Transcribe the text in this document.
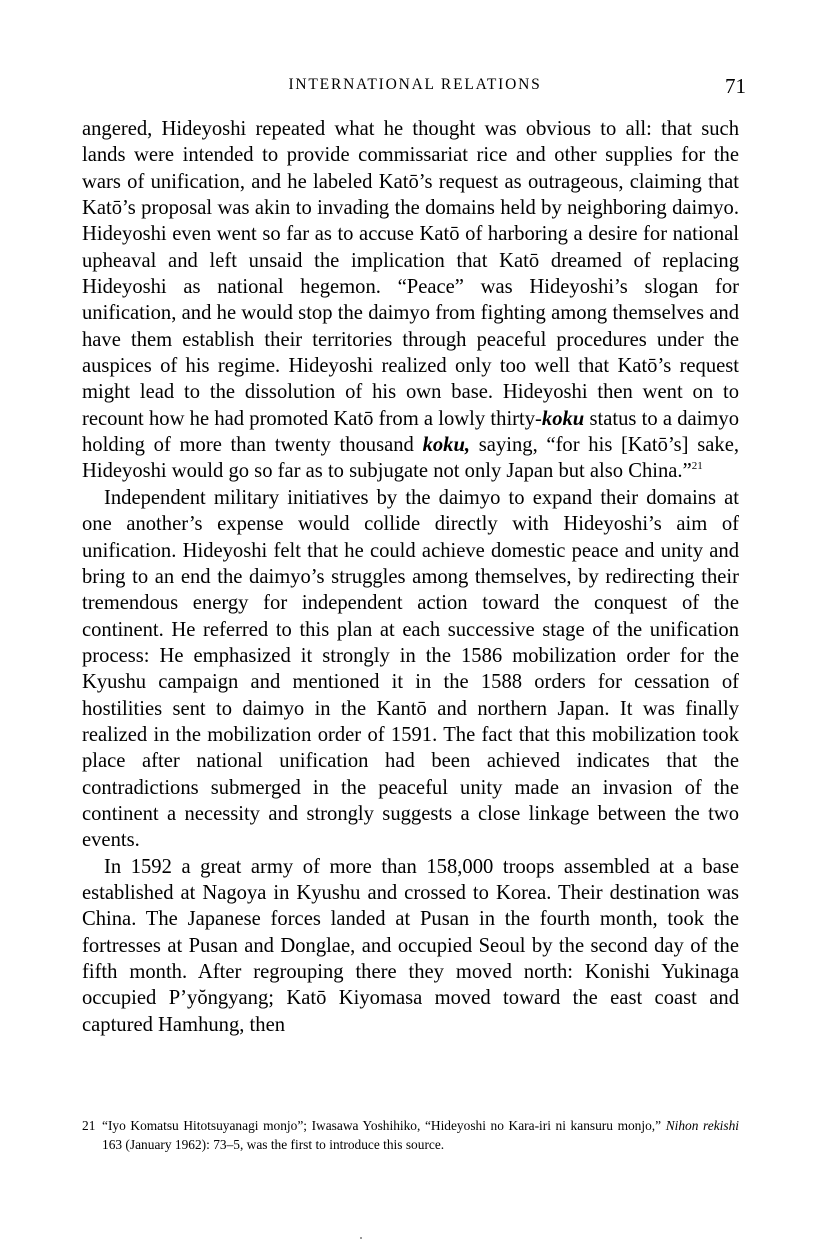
INTERNATIONAL RELATIONS	71

angered, Hideyoshi repeated what he thought was obvious to all: that such lands were intended to provide commissariat rice and other supplies for the wars of unification, and he labeled Katō’s request as outrageous, claiming that Katō’s proposal was akin to invading the domains held by neighboring daimyo. Hideyoshi even went so far as to accuse Katō of harboring a desire for national upheaval and left unsaid the implication that Katō dreamed of replacing Hideyoshi as national hegemon. “Peace” was Hideyoshi’s slogan for unification, and he would stop the daimyo from fighting among themselves and have them establish their territories through peaceful procedures under the auspices of his regime. Hideyoshi realized only too well that Katō’s request might lead to the dissolution of his own base. Hideyoshi then went on to recount how he had promoted Katō from a lowly thirty-koku status to a daimyo holding of more than twenty thousand koku, saying, “for his [Katō’s] sake, Hideyoshi would go so far as to subjugate not only Japan but also China.”$^{21}$

Independent military initiatives by the daimyo to expand their domains at one another’s expense would collide directly with Hideyoshi’s aim of unification. Hideyoshi felt that he could achieve domestic peace and unity and bring to an end the daimyo’s struggles among themselves, by redirecting their tremendous energy for independent action toward the conquest of the continent. He referred to this plan at each successive stage of the unification process: He emphasized it strongly in the 1586 mobilization order for the Kyushu campaign and mentioned it in the 1588 orders for cessation of hostilities sent to daimyo in the Kantō and northern Japan. It was finally realized in the mobilization order of 1591. The fact that this mobilization took place after national unification had been achieved indicates that the contradictions submerged in the peaceful unity made an invasion of the continent a necessity and strongly suggests a close linkage between the two events.

In 1592 a great army of more than 158,000 troops assembled at a base established at Nagoya in Kyushu and crossed to Korea. Their destination was China. The Japanese forces landed at Pusan in the fourth month, took the fortresses at Pusan and Donglae, and occupied Seoul by the second day of the fifth month. After regrouping there they moved north: Konishi Yukinaga occupied P’yŏngyang; Katō Kiyomasa moved toward the east coast and captured Hamhung, then

21 “Iyo Komatsu Hitotsuyanagi monjo”; Iwasawa Yoshihiko, “Hideyoshi no Kara-iri ni kansuru monjo,” Nihon rekishi 163 (January 1962): 73–5, was the first to introduce this source.
